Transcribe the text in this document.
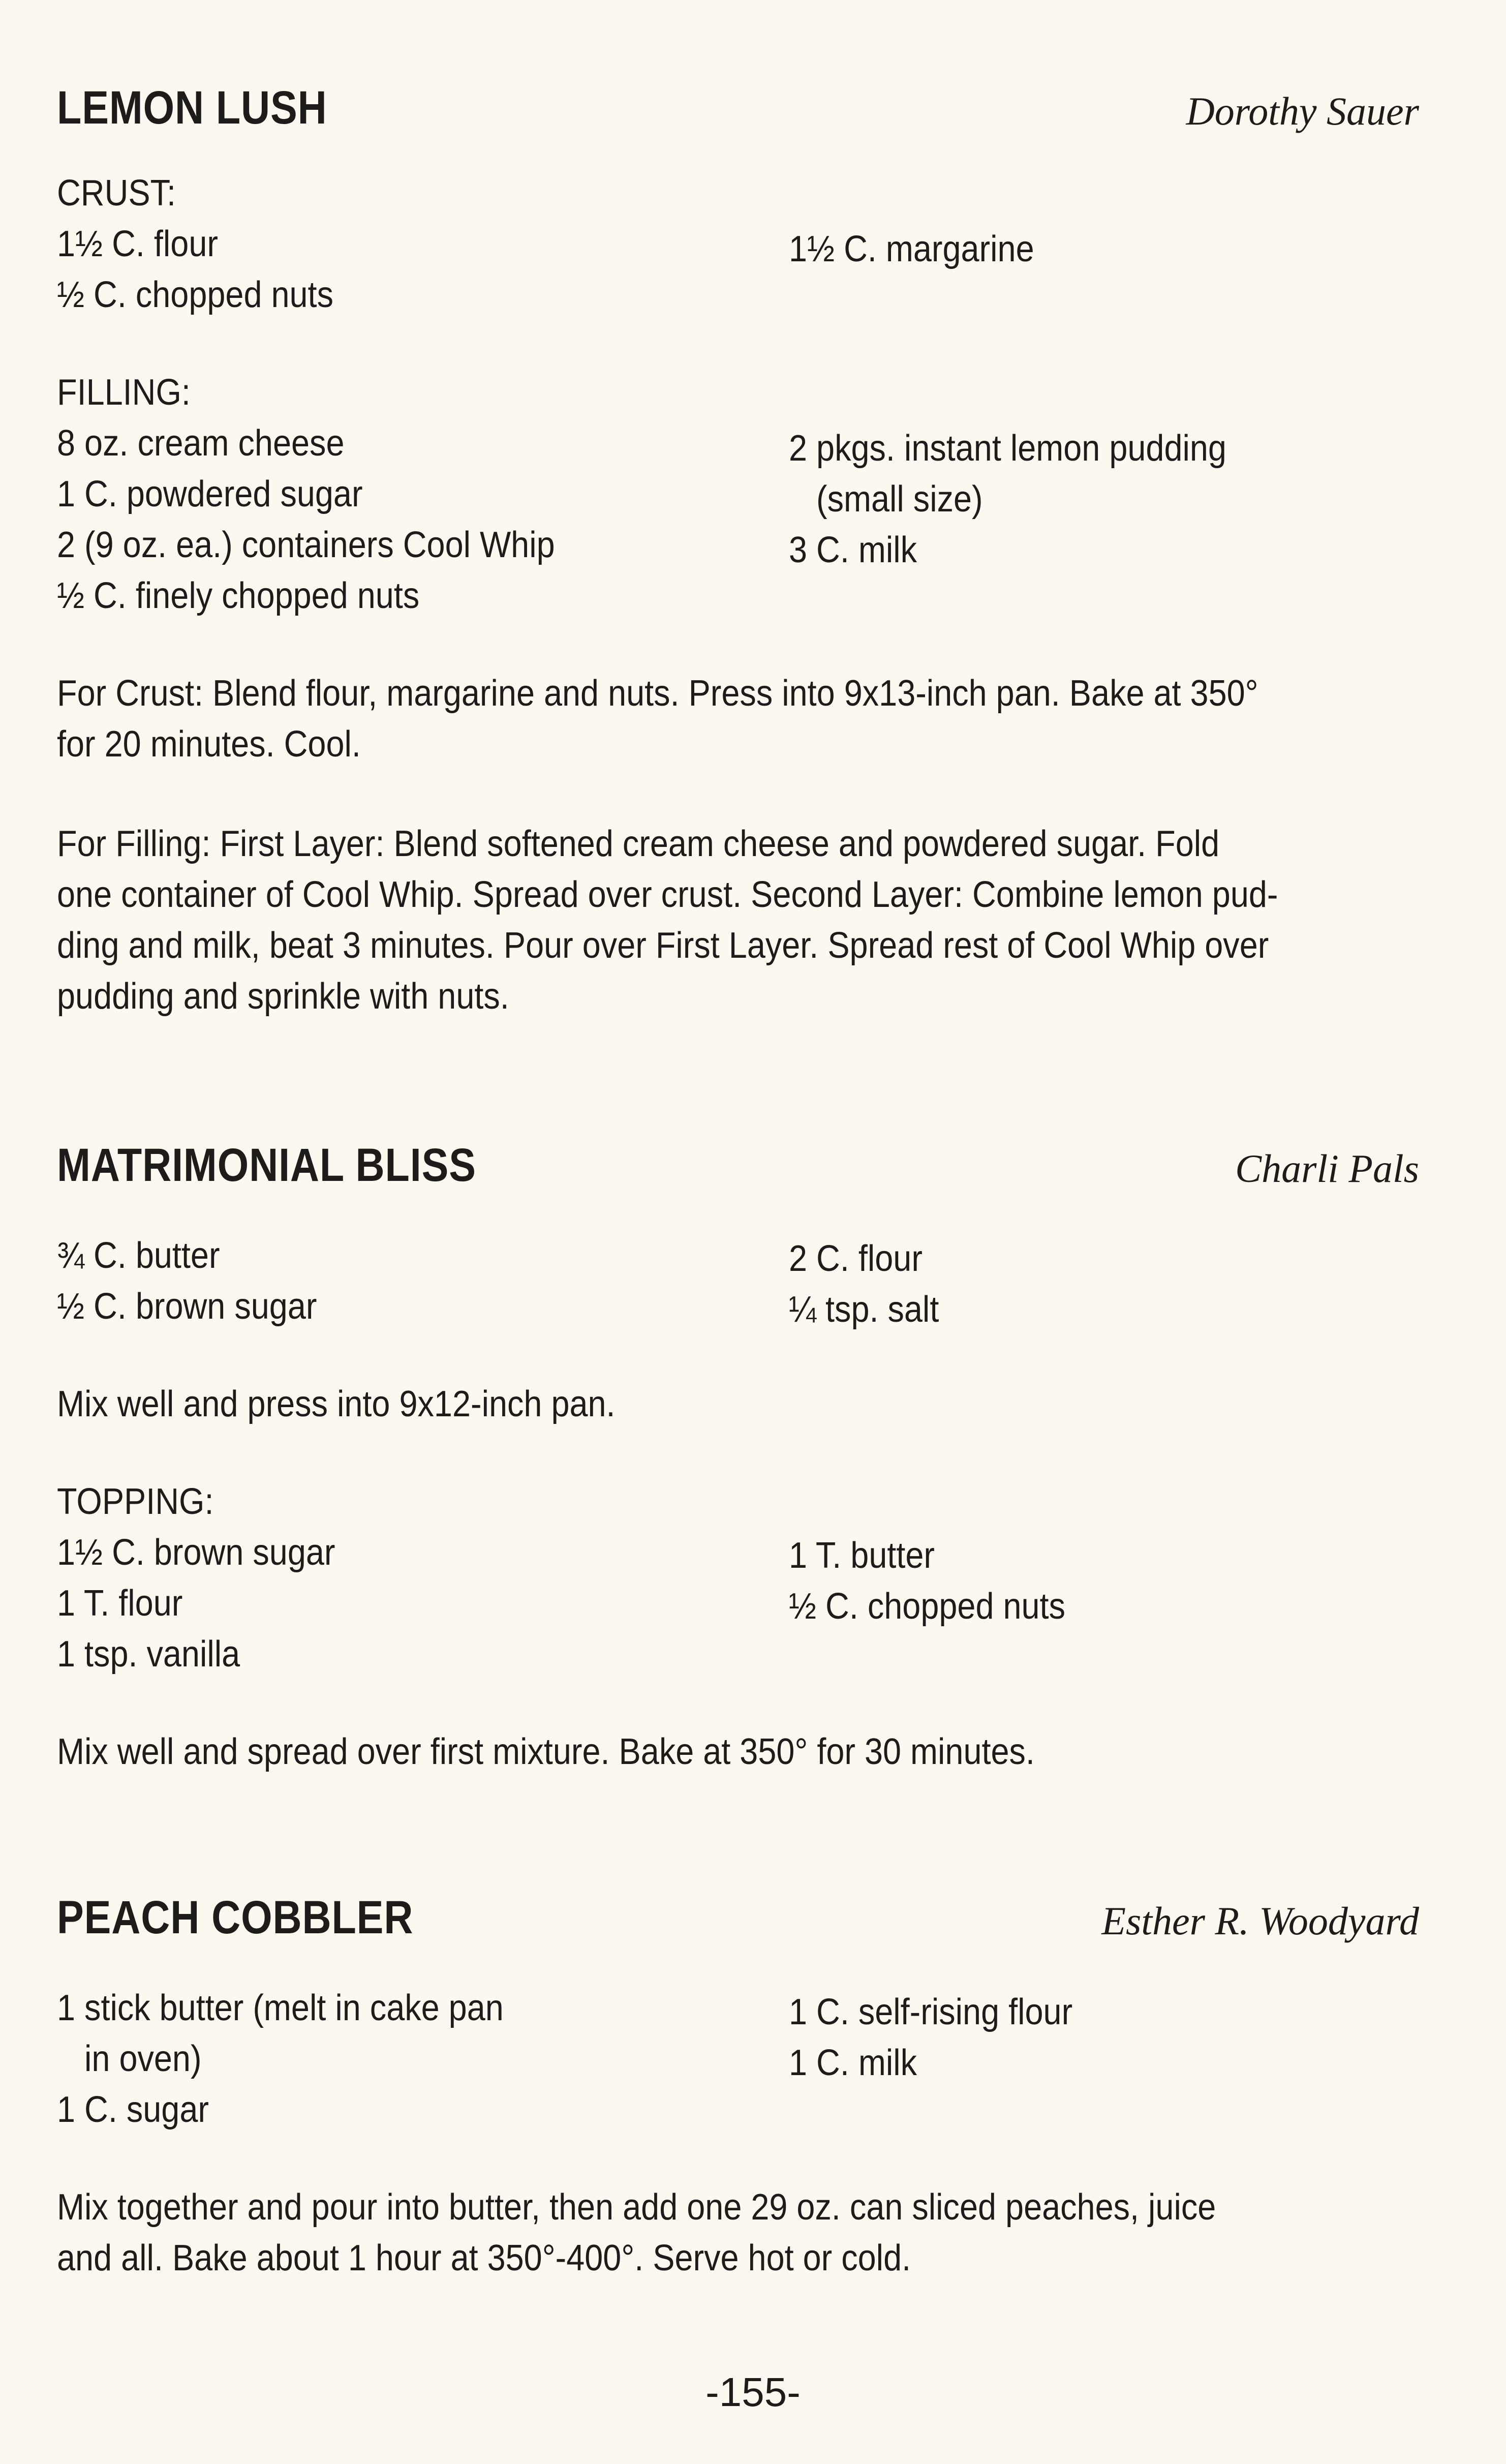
LEMON LUSH	Dorothy Sauer
CRUST:
1½ C. flour
½ C. chopped nuts
1½ C. margarine
FILLING:
8 oz. cream cheese
1 C. powdered sugar
2 (9 oz. ea.) containers Cool Whip
½ C. finely chopped nuts
2 pkgs. instant lemon pudding
(small size)
3 C. milk
For Crust: Blend flour, margarine and nuts. Press into 9x13-inch pan. Bake at 350°
for 20 minutes. Cool.
For Filling: First Layer: Blend softened cream cheese and powdered sugar. Fold
one container of Cool Whip. Spread over crust. Second Layer: Combine lemon pud-
ding and milk, beat 3 minutes. Pour over First Layer. Spread rest of Cool Whip over
pudding and sprinkle with nuts.
MATRIMONIAL BLISS	Charli Pals
¾ C. butter
½ C. brown sugar
2 C. flour
¼ tsp. salt
Mix well and press into 9x12-inch pan.
TOPPING:
1½ C. brown sugar
1 T. flour
1 tsp. vanilla
1 T. butter
½ C. chopped nuts
Mix well and spread over first mixture. Bake at 350° for 30 minutes.
PEACH COBBLER	Esther R. Woodyard
1 stick butter (melt in cake pan
in oven)
1 C. sugar
1 C. self-rising flour
1 C. milk
Mix together and pour into butter, then add one 29 oz. can sliced peaches, juice
and all. Bake about 1 hour at 350°-400°. Serve hot or cold.
-155-
